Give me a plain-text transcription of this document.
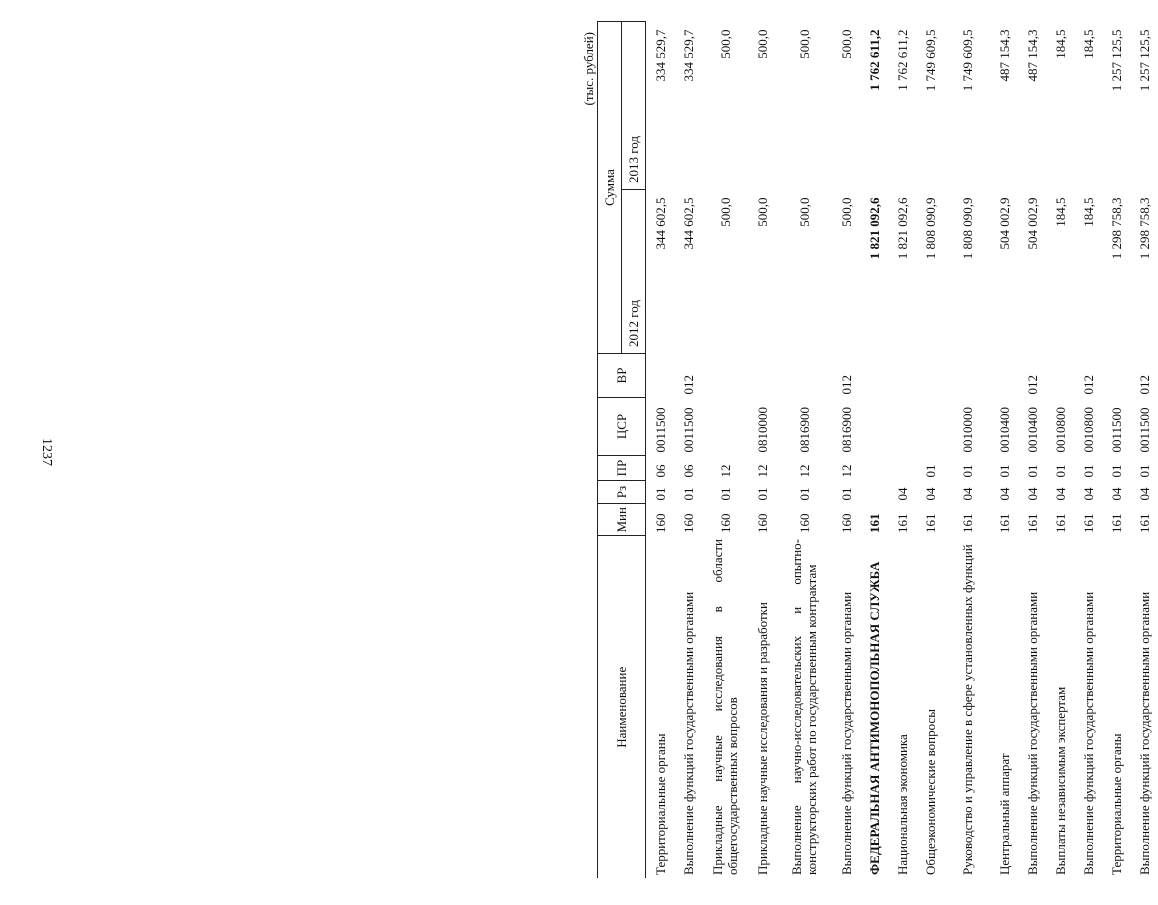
1237
(тыс. рублей)
Наименование	Мин	Рз	ПР	ЦСР	ВР	Сумма	
						2012 год	2013 год
Территориальные органы	160	01	06	0011500		344 602,5	334 529,7
Выполнение функций государственными органами	160	01	06	0011500	012	344 602,5	334 529,7
Прикладные научные исследования в области общегосударственных вопросов	160	01	12			500,0	500,0
Прикладные научные исследования и разработки	160	01	12	0810000		500,0	500,0
Выполнение научно-исследовательских и опытно-конструкторских работ по государственным контрактам	160	01	12	0816900		500,0	500,0
Выполнение функций государственными органами	160	01	12	0816900	012	500,0	500,0
ФЕДЕРАЛЬНАЯ АНТИМОНОПОЛЬНАЯ СЛУЖБА	161					1 821 092,6	1 762 611,2
Национальная экономика	161	04				1 821 092,6	1 762 611,2
Общеэкономические вопросы	161	04	01			1 808 090,9	1 749 609,5
Руководство и управление в сфере установленных функций	161	04	01	0010000		1 808 090,9	1 749 609,5
Центральный аппарат	161	04	01	0010400		504 002,9	487 154,3
Выполнение функций государственными органами	161	04	01	0010400	012	504 002,9	487 154,3
Выплаты независимым экспертам	161	04	01	0010800		184,5	184,5
Выполнение функций государственными органами	161	04	01	0010800	012	184,5	184,5
Территориальные органы	161	04	01	0011500		1 298 758,3	1 257 125,5
Выполнение функций государственными органами	161	04	01	0011500	012	1 298 758,3	1 257 125,5
